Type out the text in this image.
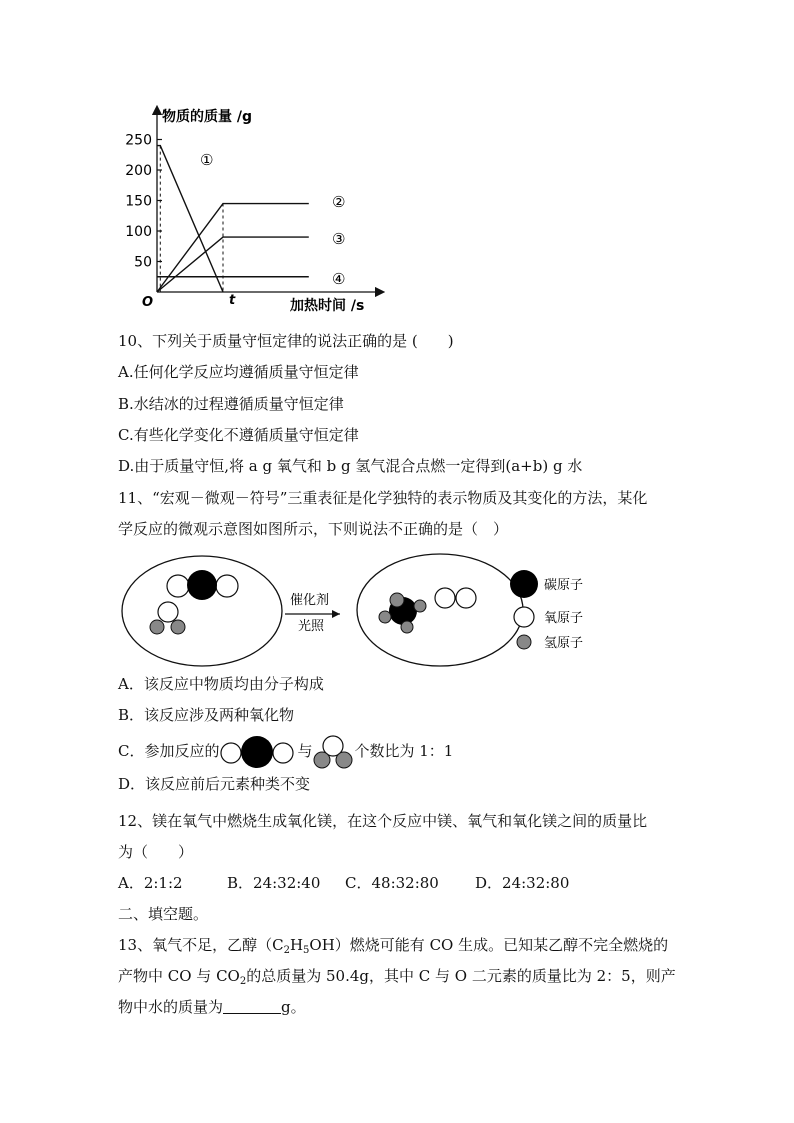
50
100
150
200
250
①
②
③
④
物质的质量 /g
加热时间 /s
O	t
10、下列关于质量守恒定律的说法正确的是 (　　)
A.任何化学反应均遵循质量守恒定律
B.水结冰的过程遵循质量守恒定律
C.有些化学变化不遵循质量守恒定律
D.由于质量守恒,将 a g 氧气和 b g 氢气混合点燃一定得到(a+b) g 水
11、“宏观－微观－符号”三重表征是化学独特的表示物质及其变化的方法，某化
学反应的微观示意图如图所示，下则说法不正确的是（　）
催化剂
光照
碳原子
氧原子
氢原子
A．该反应中物质均由分子构成
B．该反应涉及两种氧化物
C．参加反应的	与	个数比为 1：1
D．该反应前后元素种类不变
12、镁在氧气中燃烧生成氧化镁，在这个反应中镁、氧气和氧化镁之间的质量比
为（　　）
A．2:1:2	B．24:32:40 C．48:32:80 D．24:32:80
二、填空题。
13、氧气不足，乙醇$(C_2H_5OH)$燃烧可能有 CO 生成。已知某乙醇不完全燃烧的
产物中 CO 与 $CO_2$的总质量为 50.4g，其中 C 与 O 二元素的质量比为 2：5，则产
物中水的质量为	g。
